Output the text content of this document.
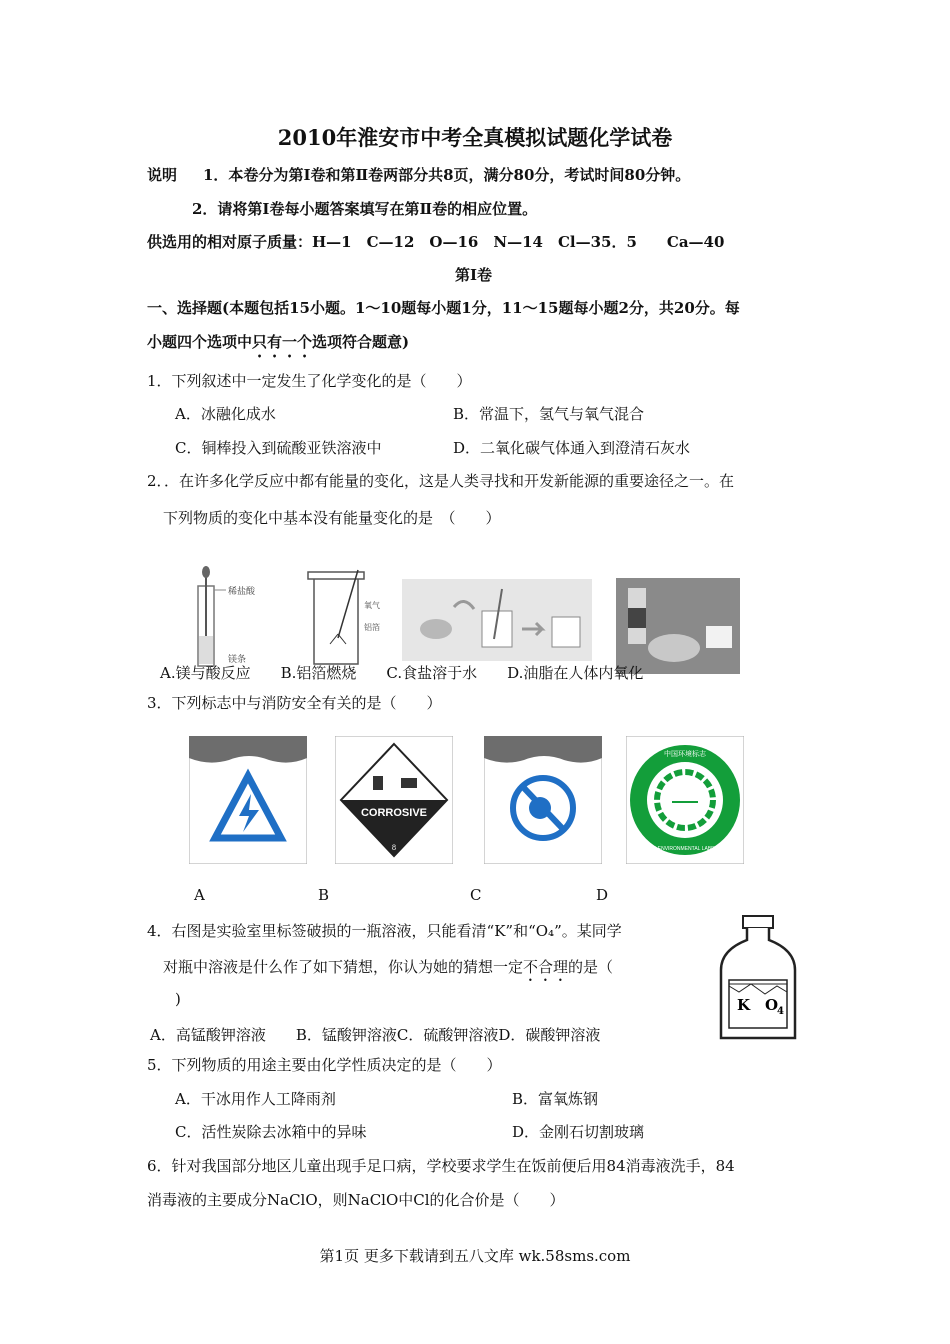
2010年淮安市中考全真模拟试题化学试卷
说明 1．本卷分为第Ⅰ卷和第Ⅱ卷两部分共8页，满分80分，考试时间80分钟。
2．请将第Ⅰ卷每小题答案填写在第Ⅱ卷的相应位置。
供选用的相对原子质量：H—1　C—12　O—16　N—14　Cl—35．5　　Ca—40
第Ⅰ卷
一、选择题(本题包括15小题。1～10题每小题1分，11～15题每小题2分，共20分。每
小题四个选项中只有一个选项符合题意)
1．下列叙述中一定发生了化学变化的是（　　）
A．冰融化成水	B．常温下，氢气与氧气混合
C．铜棒投入到硫酸亚铁溶液中	D．二氧化碳气体通入到澄清石灰水
2．．在许多化学反应中都有能量的变化，这是人类寻找和开发新能源的重要途径之一。在
下列物质的变化中基本没有能量变化的是　（　　）
稀盐酸
镁条
氧气
铝箔
A.镁与酸反应　　B.铝箔燃烧　　C.食盐溶于水　　D.油脂在人体内氧化
3．下列标志中与消防安全有关的是（　　）
CORROSIVE
8
中国环境标志
CHINA ENVIRONMENTAL LABELLING
A	B	C	D
4．右图是实验室里标签破损的一瓶溶液，只能看清“K”和“O₄”。某同学
对瓶中溶液是什么作了如下猜想，你认为她的猜想一定不合理的是（
)
A．高锰酸钾溶液　　B．锰酸钾溶液C．硫酸钾溶液D．碳酸钾溶液
K O
4
5．下列物质的用途主要由化学性质决定的是（　　）
A．干冰用作人工降雨剂	B．富氧炼钢
C．活性炭除去冰箱中的异味	D．金刚石切割玻璃
6．针对我国部分地区儿童出现手足口病，学校要求学生在饭前便后用84消毒液洗手，84
消毒液的主要成分NaClO，则NaClO中Cl的化合价是（　　）
第1页 更多下载请到五八文库 wk.58sms.com
